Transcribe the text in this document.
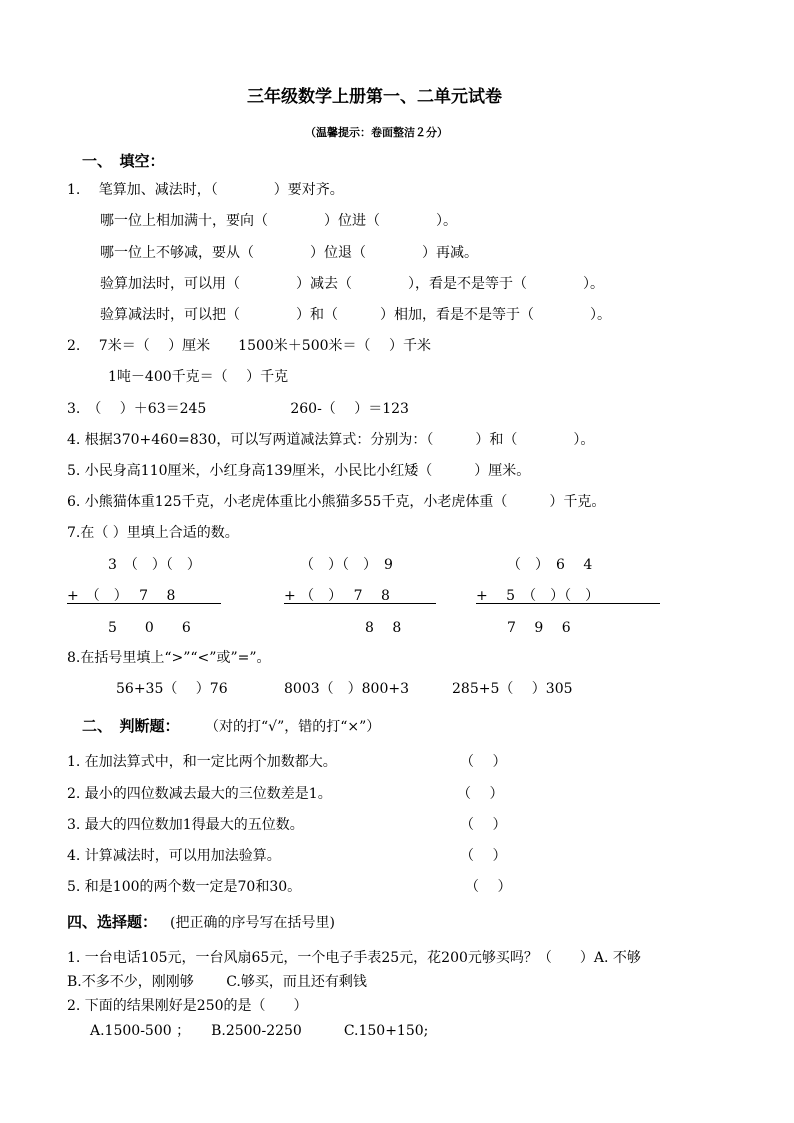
三年级数学上册第一、二单元试卷
（温馨提示：卷面整洁２分）
一、　填空：
1.　 笔算加、减法时，（　　　　）要对齐。
哪一位上相加满十，要向（　　　　）位进（　　　　）。
哪一位上不够减，要从（　　　　）位退（　　　　）再减。
验算加法时，可以用（　　　　）减去（　　　　），看是不是等于（　　　　）。
验算减法时，可以把（　　　　）和（　　　）相加，看是不是等于（　　　　）。
2.　 7米＝（　 ）厘米　　1500米＋500米＝（　 ）千米
1吨－400千克＝（　 ）千克
3.　（　 ）＋63＝245　　　　　　260-（　 ）＝123
4. 根据370+460=830，可以写两道减法算式：分别为：（　　　）和（　　　　）。
5. 小民身高110厘米，小红身高139厘米，小民比小红矮（　　　）厘米。
6. 小熊猫体重125千克，小老虎体重比小熊猫多55千克，小老虎体重（　　　）千克。
7.在（ ）里填上合适的数。
3　（　）（　）
+　（　）　 7　 8
5　　0　　6
（　）（　）　9
+ （　）　 7　 8
8　 8
（　）　6　 4
+　 5　（　）（　）
7　 9　 6
8.在括号里填上“>”“<”或”=”。
56+35（　 ）76	8003（　）800+3	285+5（　 ）305
二、　判断题： （对的打“√”，错的打“×”）
1. 在加法算式中，和一定比两个加数都大。	（　 ）
2. 最小的四位数减去最大的三位数差是1。	（　 ）
3. 最大的四位数加1得最大的五位数。	（　 ）
4. 计算减法时，可以用加法验算。	（　 ）
5. 和是100的两个数一定是70和30。	（　 ）
四、选择题： (把正确的序号写在括号里)
1. 一台电话105元，一台风扇65元，一个电子手表25元，花200元够买吗？（　　）A. 不够
B.不多不少，刚刚够　　 C.够买，而且还有剩钱
2. 下面的结果刚好是250的是（　　）
A.1500-500 ；　　B.2500-2250　　　C.150+150;
